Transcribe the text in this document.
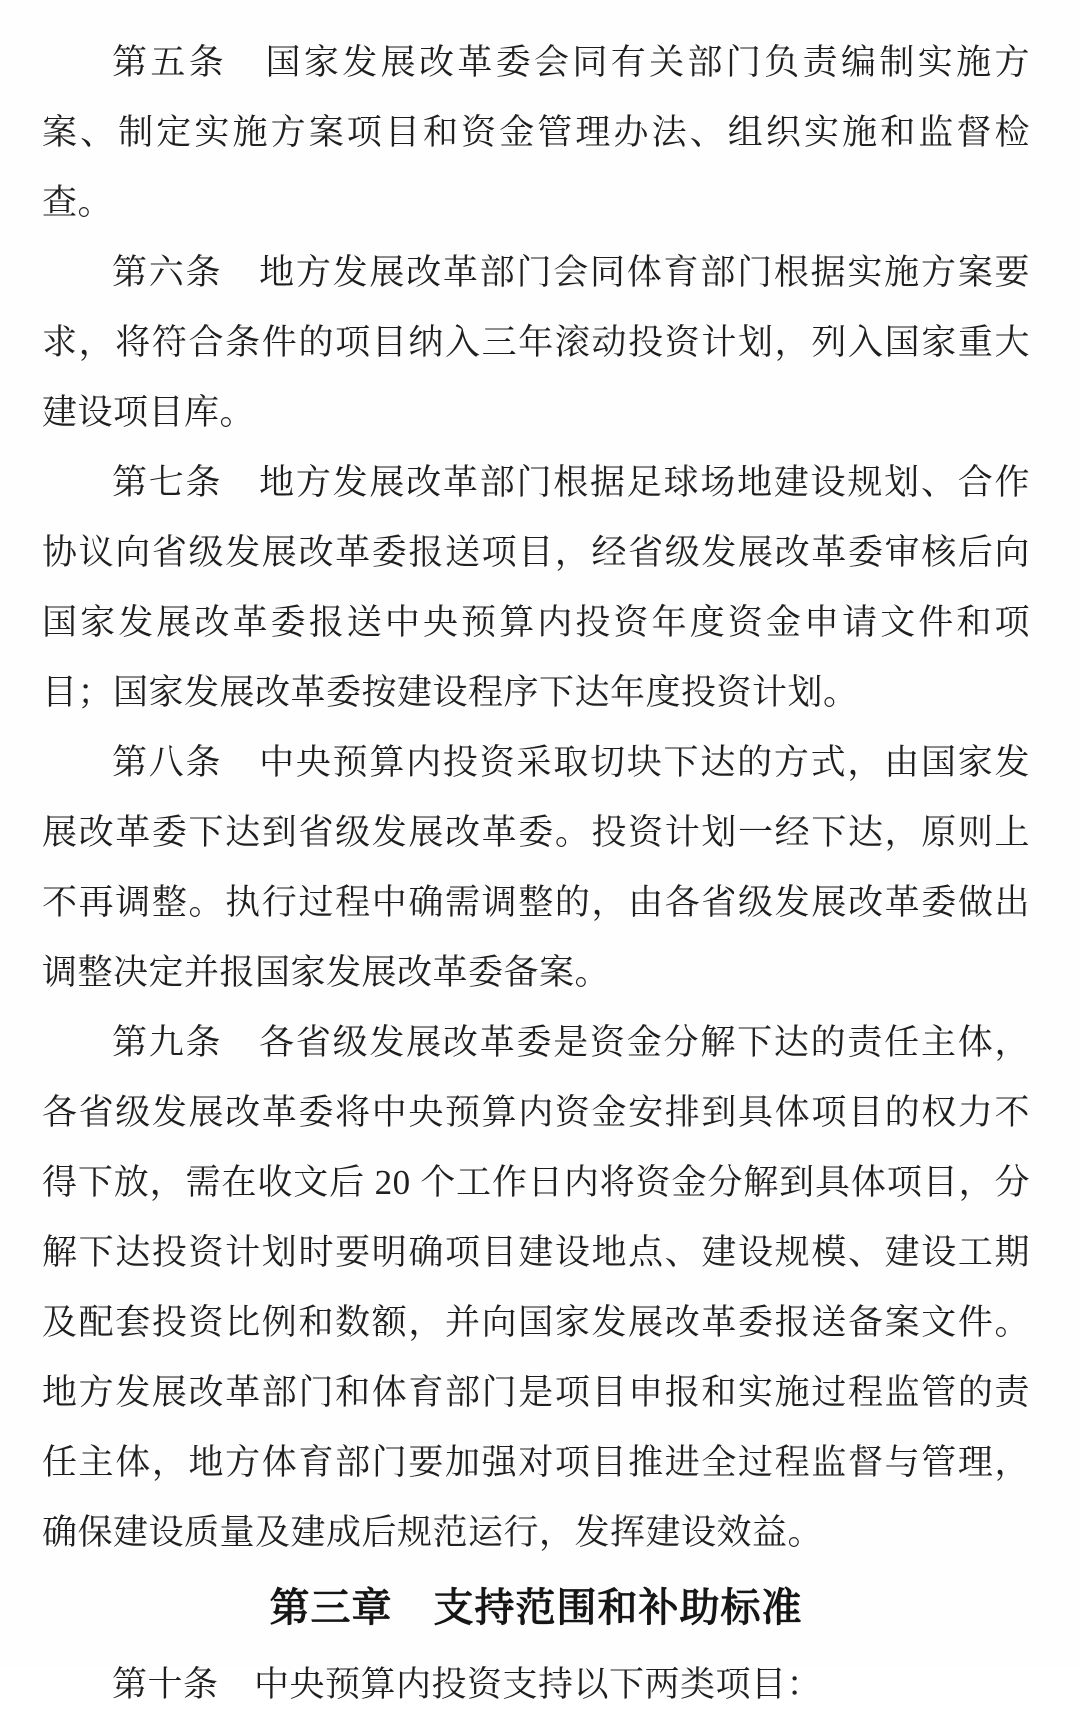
第五条　国家发展改革委会同有关部门负责编制实施方案、制定实施方案项目和资金管理办法、组织实施和监督检查。

第六条　地方发展改革部门会同体育部门根据实施方案要求，将符合条件的项目纳入三年滚动投资计划，列入国家重大建设项目库。

第七条　地方发展改革部门根据足球场地建设规划、合作协议向省级发展改革委报送项目，经省级发展改革委审核后向国家发展改革委报送中央预算内投资年度资金申请文件和项目；国家发展改革委按建设程序下达年度投资计划。

第八条　中央预算内投资采取切块下达的方式，由国家发展改革委下达到省级发展改革委。投资计划一经下达，原则上不再调整。执行过程中确需调整的，由各省级发展改革委做出调整决定并报国家发展改革委备案。

第九条　各省级发展改革委是资金分解下达的责任主体，各省级发展改革委将中央预算内资金安排到具体项目的权力不得下放，需在收文后 20 个工作日内将资金分解到具体项目，分解下达投资计划时要明确项目建设地点、建设规模、建设工期及配套投资比例和数额，并向国家发展改革委报送备案文件。地方发展改革部门和体育部门是项目申报和实施过程监管的责任主体，地方体育部门要加强对项目推进全过程监督与管理，确保建设质量及建成后规范运行，发挥建设效益。

第三章　支持范围和补助标准

第十条　中央预算内投资支持以下两类项目：
